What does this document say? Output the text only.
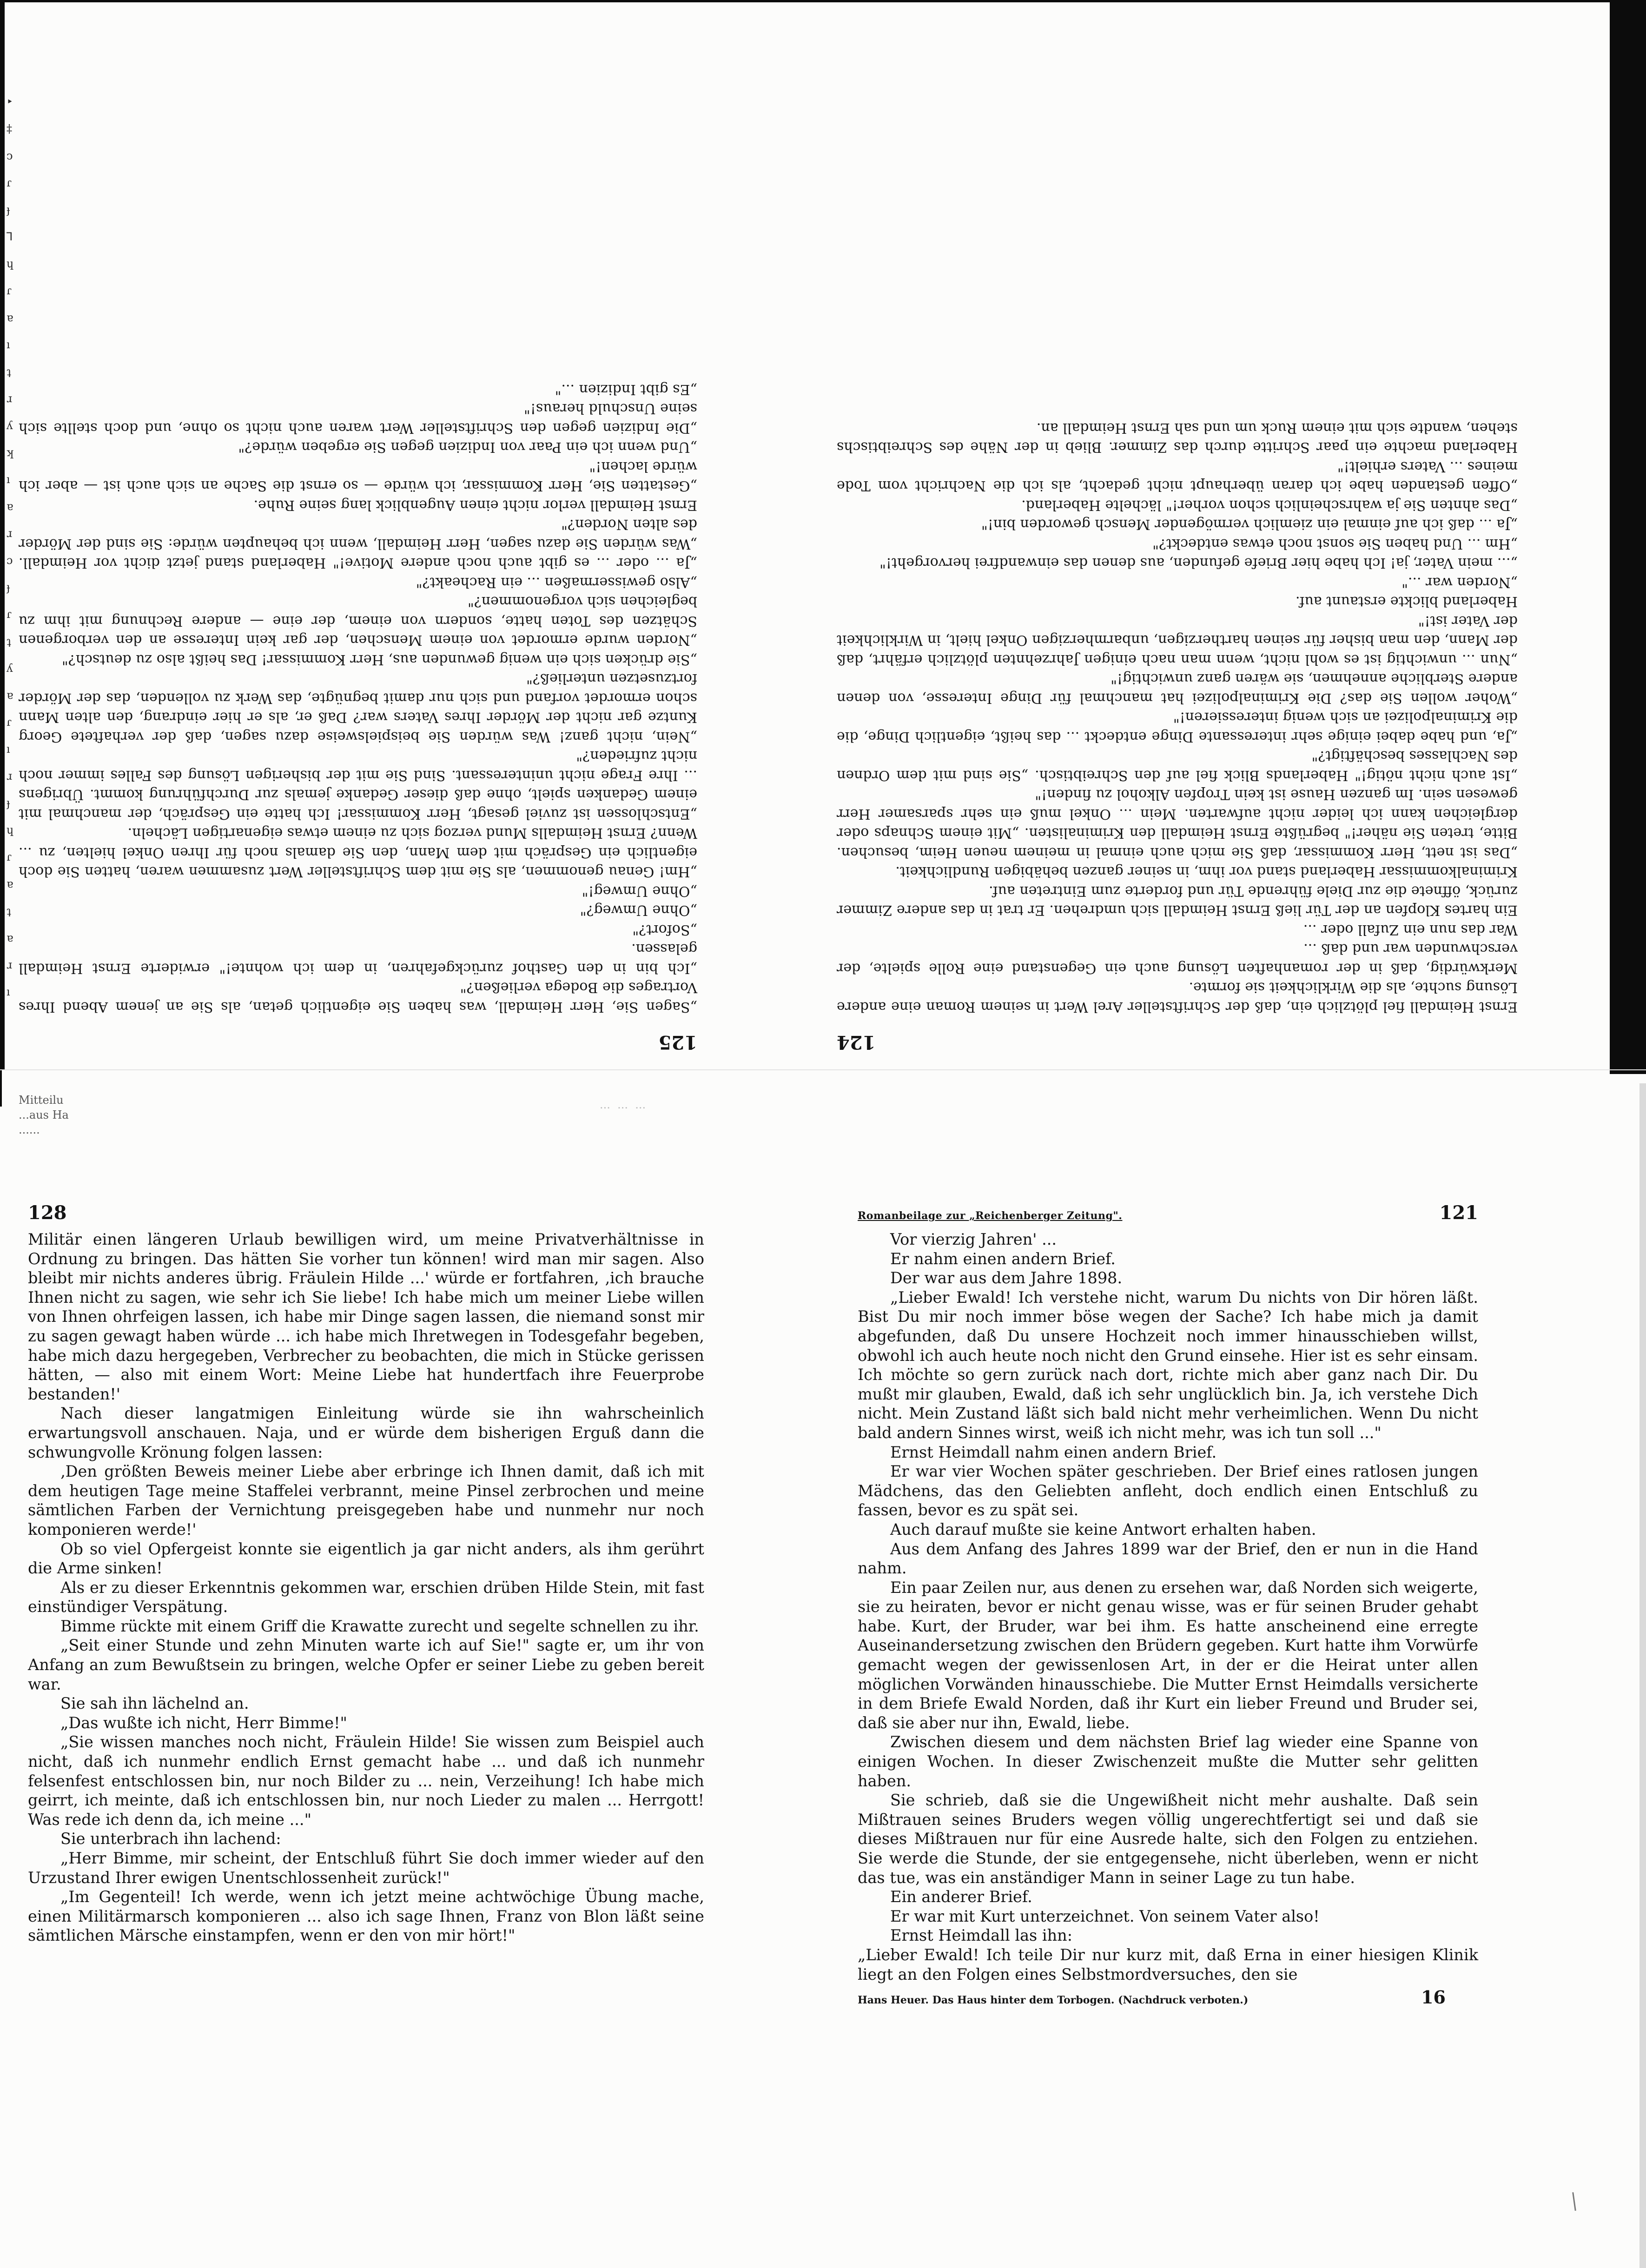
‣
‡
ↄ
ɾ
ɟ
⅂
ɥ
ɾ
ɐ
ı
ʇ
ɹ
ʎ
ʞ
ı
ɐ
ɹ
ɔ
ɟ
ɾ
ʇ
ʎ
ɐ
ɾ
ı
ɹ
ɟ
ɥ
ɾ
ɐ
ʇ
ɐ
ɹ
ı
125

„Sagen Sie, Herr Heimdall, was haben Sie eigentlich getan, als Sie an jenem Abend Ihres Vortrages die Bodega verließen?"
„Ich bin in den Gasthof zurückgefahren, in dem ich wohnte!" erwiderte Ernst Heimdall gelassen.
„Sofort?"
„Ohne Umweg?"
„Ohne Umweg!"
„Hm! Genau genommen, als Sie mit dem Schriftsteller Wert zusammen waren, hatten Sie doch eigentlich ein Gespräch mit dem Mann, den Sie damals noch für Ihren Onkel hielten, zu ... Wenn? Ernst Heimdalls Mund verzog sich zu einem etwas eigenartigen Lächeln.
„Entschlossen ist zuviel gesagt, Herr Kommissar! Ich hatte ein Gespräch, der manchmal mit einem Gedanken spielt, ohne daß dieser Gedanke jemals zur Durchführung kommt. Übrigens ... Ihre Frage nicht uninteressant. Sind Sie mit der bisherigen Lösung des Falles immer noch nicht zufrieden?"
„Nein, nicht ganz! Was würden Sie beispielsweise dazu sagen, daß der verhaftete Georg Kuntze gar nicht der Mörder Ihres Vaters war? Daß er, als er hier eindrang, den alten Mann schon ermordet vorfand und sich nur damit begnügte, das Werk zu vollenden, das der Mörder fortzusetzen unterließ?"
„Sie drücken sich ein wenig gewunden aus, Herr Kommissar! Das heißt also zu deutsch?"
„Norden wurde ermordet von einem Menschen, der gar kein Interesse an den verborgenen Schätzen des Toten hatte, sondern von einem, der eine — andere Rechnung mit ihm zu begleichen sich vorgenommen?"
„Also gewissermaßen ... ein Racheakt?"
„Ja ... oder ... es gibt auch noch andere Motive!" Haberland stand jetzt dicht vor Heimdall. „Was würden Sie dazu sagen, Herr Heimdall, wenn ich behaupten würde: Sie sind der Mörder des alten Norden?"
Ernst Heimdall verlor nicht einen Augenblick lang seine Ruhe.
„Gestatten Sie, Herr Kommissar, ich würde — so ernst die Sache an sich auch ist — aber ich würde lachen!"
„Und wenn ich ein Paar von Indizien gegen Sie ergeben würde?"
„Die Indizien gegen den Schriftsteller Wert waren auch nicht so ohne, und doch stellte sich seine Unschuld heraus!"
„Es gibt Indizien ..."

124

Ernst Heimdall fiel plötzlich ein, daß der Schriftsteller Arel Wert in seinem Roman eine andere Lösung suchte, als die Wirklichkeit sie formte.
Merkwürdig, daß in der romanhaften Lösung auch ein Gegenstand eine Rolle spielte, der verschwunden war und daß ...
War das nun ein Zufall oder ...
Ein hartes Klopfen an der Tür ließ Ernst Heimdall sich umdrehen. Er trat in das andere Zimmer zurück, öffnete die zur Diele führende Tür und forderte zum Eintreten auf.
Kriminalkommissar Haberland stand vor ihm, in seiner ganzen behäbigen Rundlichkeit.
„Das ist nett, Herr Kommissar, daß Sie mich auch einmal in meinem neuen Heim, besuchen. Bitte, treten Sie näher!" begrüßte Ernst Heimdall den Kriminalisten. „Mit einem Schnaps oder dergleichen kann ich leider nicht aufwarten. Mein ... Onkel muß ein sehr sparsamer Herr gewesen sein. Im ganzen Hause ist kein Tropfen Alkohol zu finden!"
„Ist auch nicht nötig!" Haberlands Blick fiel auf den Schreibtisch. „Sie sind mit dem Ordnen des Nachlasses beschäftigt?"
„Ja, und habe dabei einige sehr interessante Dinge entdeckt ... das heißt, eigentlich Dinge, die die Kriminalpolizei an sich wenig interessieren!"
„Woher wollen Sie das? Die Kriminalpolizei hat manchmal für Dinge Interesse, von denen andere Sterbliche annehmen, sie wären ganz unwichtig!"
„Nun ... unwichtig ist es wohl nicht, wenn man nach einigen Jahrzehnten plötzlich erfährt, daß der Mann, den man bisher für seinen hartherzigen, unbarmherzigen Onkel hielt, in Wirklichkeit der Vater ist!"
Haberland blickte erstaunt auf.
„Norden war ..."
„... mein Vater, ja! Ich habe hier Briefe gefunden, aus denen das einwandfrei hervorgeht!"
„Hm ... Und haben Sie sonst noch etwas entdeckt?"
„Ja ... daß ich auf einmal ein ziemlich vermögender Mensch geworden bin!"
„Das ahnten Sie ja wahrscheinlich schon vorher!" lächelte Haberland.
„Offen gestanden habe ich daran überhaupt nicht gedacht, als ich die Nachricht vom Tode meines ... Vaters erhielt!"
Haberland machte ein paar Schritte durch das Zimmer. Blieb in der Nähe des Schreibtischs stehen, wandte sich mit einem Ruck um und sah Ernst Heimdall an.

Mitteilu
...aus Ha
......
...  ...  ...
128

Militär einen längeren Urlaub bewilligen wird, um meine Privatverhältnisse in Ordnung zu bringen. Das hätten Sie vorher tun können! wird man mir sagen. Also bleibt mir nichts anderes übrig. Fräulein Hilde ...' würde er fortfahren, ‚ich brauche Ihnen nicht zu sagen, wie sehr ich Sie liebe! Ich habe mich um meiner Liebe willen von Ihnen ohrfeigen lassen, ich habe mir Dinge sagen lassen, die niemand sonst mir zu sagen gewagt haben würde ... ich habe mich Ihretwegen in Todesgefahr begeben, habe mich dazu hergegeben, Verbrecher zu beobachten, die mich in Stücke gerissen hätten, — also mit einem Wort: Meine Liebe hat hundertfach ihre Feuerprobe bestanden!'

Nach dieser langatmigen Einleitung würde sie ihn wahrscheinlich erwartungsvoll anschauen. Naja, und er würde dem bisherigen Erguß dann die schwungvolle Krönung folgen lassen:

‚Den größten Beweis meiner Liebe aber erbringe ich Ihnen damit, daß ich mit dem heutigen Tage meine Staffelei verbrannt, meine Pinsel zerbrochen und meine sämtlichen Farben der Vernichtung preisgegeben habe und nunmehr nur noch komponieren werde!'

Ob so viel Opfergeist konnte sie eigentlich ja gar nicht anders, als ihm gerührt die Arme sinken!

Als er zu dieser Erkenntnis gekommen war, erschien drüben Hilde Stein, mit fast einstündiger Verspätung.

Bimme rückte mit einem Griff die Krawatte zurecht und segelte schnellen zu ihr.

„Seit einer Stunde und zehn Minuten warte ich auf Sie!" sagte er, um ihr von Anfang an zum Bewußtsein zu bringen, welche Opfer er seiner Liebe zu geben bereit war.

Sie sah ihn lächelnd an.

„Das wußte ich nicht, Herr Bimme!"

„Sie wissen manches noch nicht, Fräulein Hilde! Sie wissen zum Beispiel auch nicht, daß ich nunmehr endlich Ernst gemacht habe ... und daß ich nunmehr felsenfest entschlossen bin, nur noch Bilder zu ... nein, Verzeihung! Ich habe mich geirrt, ich meinte, daß ich entschlossen bin, nur noch Lieder zu malen ... Herrgott! Was rede ich denn da, ich meine ..."

Sie unterbrach ihn lachend:

„Herr Bimme, mir scheint, der Entschluß führt Sie doch immer wieder auf den Urzustand Ihrer ewigen Unentschlossenheit zurück!"

„Im Gegenteil! Ich werde, wenn ich jetzt meine achtwöchige Übung mache, einen Militärmarsch komponieren ... also ich sage Ihnen, Franz von Blon läßt seine sämtlichen Märsche einstampfen, wenn er den von mir hört!"

Romanbeilage zur „Reichenberger Zeitung".	121

Vor vierzig Jahren' ...

Er nahm einen andern Brief.

Der war aus dem Jahre 1898.

„Lieber Ewald! Ich verstehe nicht, warum Du nichts von Dir hören läßt. Bist Du mir noch immer böse wegen der Sache? Ich habe mich ja damit abgefunden, daß Du unsere Hochzeit noch immer hinausschieben willst, obwohl ich auch heute noch nicht den Grund einsehe. Hier ist es sehr einsam. Ich möchte so gern zurück nach dort, richte mich aber ganz nach Dir. Du mußt mir glauben, Ewald, daß ich sehr unglücklich bin. Ja, ich verstehe Dich nicht. Mein Zustand läßt sich bald nicht mehr verheimlichen. Wenn Du nicht bald andern Sinnes wirst, weiß ich nicht mehr, was ich tun soll ..."

Ernst Heimdall nahm einen andern Brief.

Er war vier Wochen später geschrieben. Der Brief eines ratlosen jungen Mädchens, das den Geliebten anfleht, doch endlich einen Entschluß zu fassen, bevor es zu spät sei.

Auch darauf mußte sie keine Antwort erhalten haben.

Aus dem Anfang des Jahres 1899 war der Brief, den er nun in die Hand nahm.

Ein paar Zeilen nur, aus denen zu ersehen war, daß Norden sich weigerte, sie zu heiraten, bevor er nicht genau wisse, was er für seinen Bruder gehabt habe. Kurt, der Bruder, war bei ihm. Es hatte anscheinend eine erregte Auseinandersetzung zwischen den Brüdern gegeben. Kurt hatte ihm Vorwürfe gemacht wegen der gewissenlosen Art, in der er die Heirat unter allen möglichen Vorwänden hinausschiebe. Die Mutter Ernst Heimdalls versicherte in dem Briefe Ewald Norden, daß ihr Kurt ein lieber Freund und Bruder sei, daß sie aber nur ihn, Ewald, liebe.

Zwischen diesem und dem nächsten Brief lag wieder eine Spanne von einigen Wochen. In dieser Zwischenzeit mußte die Mutter sehr gelitten haben.

Sie schrieb, daß sie die Ungewißheit nicht mehr aushalte. Daß sein Mißtrauen seines Bruders wegen völlig ungerechtfertigt sei und daß sie dieses Mißtrauen nur für eine Ausrede halte, sich den Folgen zu entziehen. Sie werde die Stunde, der sie entgegensehe, nicht überleben, wenn er nicht das tue, was ein anständiger Mann in seiner Lage zu tun habe.

Ein anderer Brief.

Er war mit Kurt unterzeichnet. Von seinem Vater also!

Ernst Heimdall las ihn:

„Lieber Ewald! Ich teile Dir nur kurz mit, daß Erna in einer hiesigen Klinik liegt an den Folgen eines Selbstmordversuches, den sie

Hans Heuer. Das Haus hinter dem Torbogen. (Nachdruck verboten.)	16
